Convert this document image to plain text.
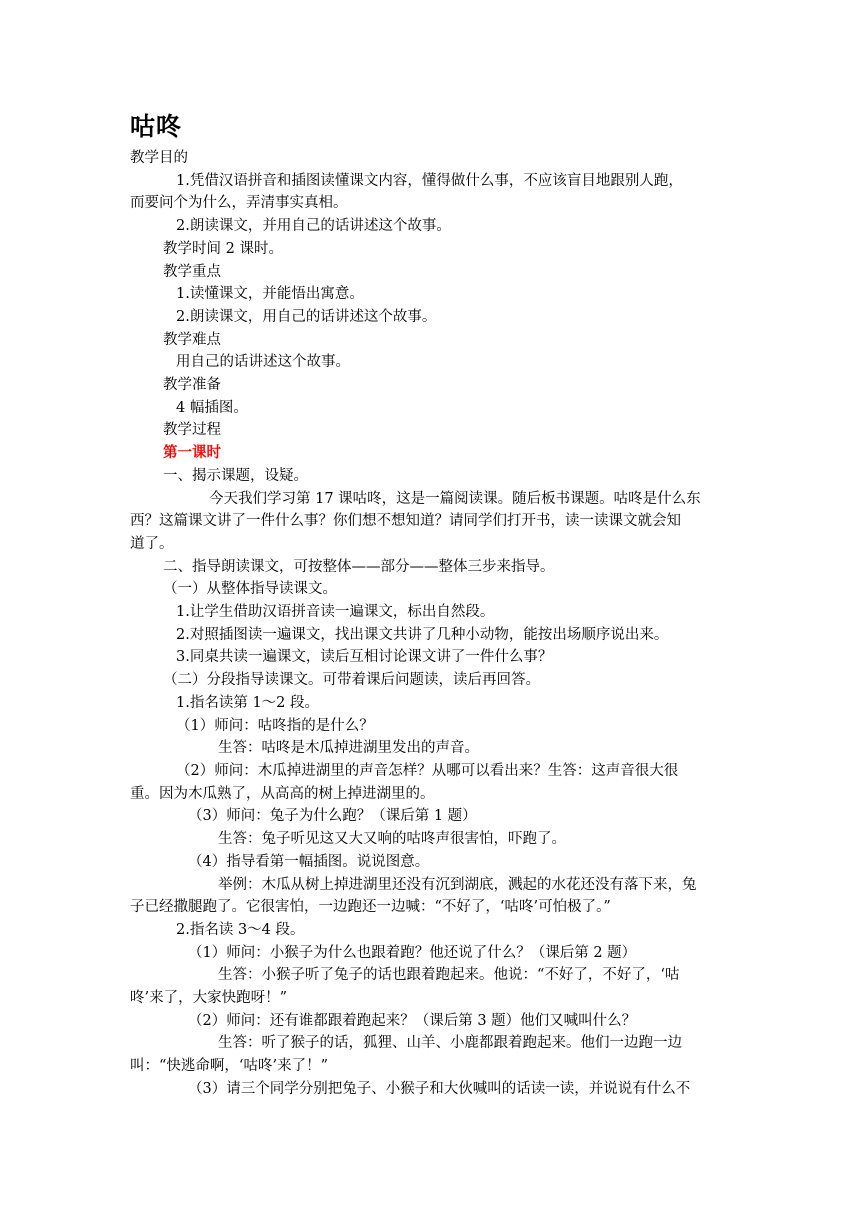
咕咚
教学目的
1.凭借汉语拼音和插图读懂课文内容，懂得做什么事，不应该盲目地跟别人跑，
而要问个为什么，弄清事实真相。
2.朗读课文，并用自己的话讲述这个故事。
教学时间 2 课时。
教学重点
1.读懂课文，并能悟出寓意。
2.朗读课文，用自己的话讲述这个故事。
教学难点
用自己的话讲述这个故事。
教学准备
4 幅插图。
教学过程
第一课时
一、揭示课题，设疑。
今天我们学习第 17 课咕咚，这是一篇阅读课。随后板书课题。咕咚是什么东
西？这篇课文讲了一件什么事？你们想不想知道？请同学们打开书，读一读课文就会知
道了。
二、指导朗读课文，可按整体——部分——整体三步来指导。
（一）从整体指导读课文。
1.让学生借助汉语拼音读一遍课文，标出自然段。
2.对照插图读一遍课文，找出课文共讲了几种小动物，能按出场顺序说出来。
3.同桌共读一遍课文，读后互相讨论课文讲了一件什么事？
（二）分段指导读课文。可带着课后问题读，读后再回答。
1.指名读第 1～2 段。
（1）师问：咕咚指的是什么？
生答：咕咚是木瓜掉进湖里发出的声音。
（2）师问：木瓜掉进湖里的声音怎样？从哪可以看出来？生答：这声音很大很
重。因为木瓜熟了，从高高的树上掉进湖里的。
（3）师问：兔子为什么跑？（课后第 1 题）
生答：兔子听见这又大又响的咕咚声很害怕，吓跑了。
（4）指导看第一幅插图。说说图意。
举例：木瓜从树上掉进湖里还没有沉到湖底，溅起的水花还没有落下来，兔
子已经撒腿跑了。它很害怕，一边跑还一边喊：“不好了，‘咕咚’可怕极了。”
2.指名读 3～4 段。
（1）师问：小猴子为什么也跟着跑？他还说了什么？（课后第 2 题）
生答：小猴子听了兔子的话也跟着跑起来。他说：“不好了，不好了，‘咕
咚’来了，大家快跑呀！”
（2）师问：还有谁都跟着跑起来？（课后第 3 题）他们又喊叫什么？
生答：听了猴子的话，狐狸、山羊、小鹿都跟着跑起来。他们一边跑一边
叫：“快逃命啊，‘咕咚’来了！”
（3）请三个同学分别把兔子、小猴子和大伙喊叫的话读一读，并说说有什么不
